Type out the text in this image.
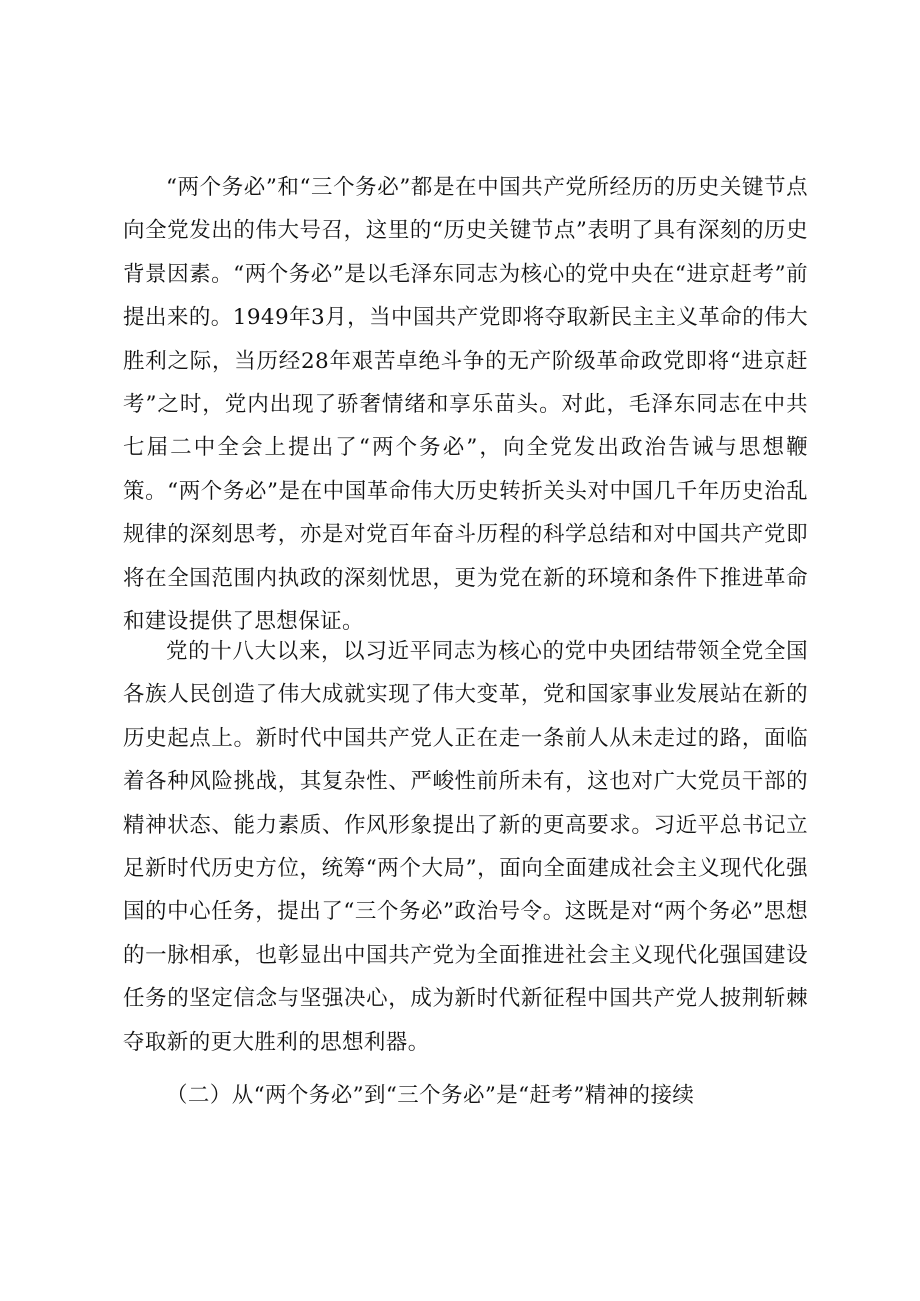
“两个务必”和“三个务必”都是在中国共产党所经历的历史关键节点向全党发出的伟大号召，这里的“历史关键节点”表明了具有深刻的历史背景因素。“两个务必”是以毛泽东同志为核心的党中央在“进京赶考”前提出来的。1949年3月，当中国共产党即将夺取新民主主义革命的伟大胜利之际，当历经28年艰苦卓绝斗争的无产阶级革命政党即将“进京赶考”之时，党内出现了骄奢情绪和享乐苗头。对此，毛泽东同志在中共七届二中全会上提出了“两个务必”，向全党发出政治告诫与思想鞭策。“两个务必”是在中国革命伟大历史转折关头对中国几千年历史治乱规律的深刻思考，亦是对党百年奋斗历程的科学总结和对中国共产党即将在全国范围内执政的深刻忧思，更为党在新的环境和条件下推进革命和建设提供了思想保证。

党的十八大以来，以习近平同志为核心的党中央团结带领全党全国各族人民创造了伟大成就实现了伟大变革，党和国家事业发展站在新的历史起点上。新时代中国共产党人正在走一条前人从未走过的路，面临着各种风险挑战，其复杂性、严峻性前所未有，这也对广大党员干部的精神状态、能力素质、作风形象提出了新的更高要求。习近平总书记立足新时代历史方位，统筹“两个大局”，面向全面建成社会主义现代化强国的中心任务，提出了“三个务必”政治号令。这既是对“两个务必”思想的一脉相承，也彰显出中国共产党为全面推进社会主义现代化强国建设任务的坚定信念与坚强决心，成为新时代新征程中国共产党人披荆斩棘夺取新的更大胜利的思想利器。

（二）从“两个务必”到“三个务必”是“赶考”精神的接续
